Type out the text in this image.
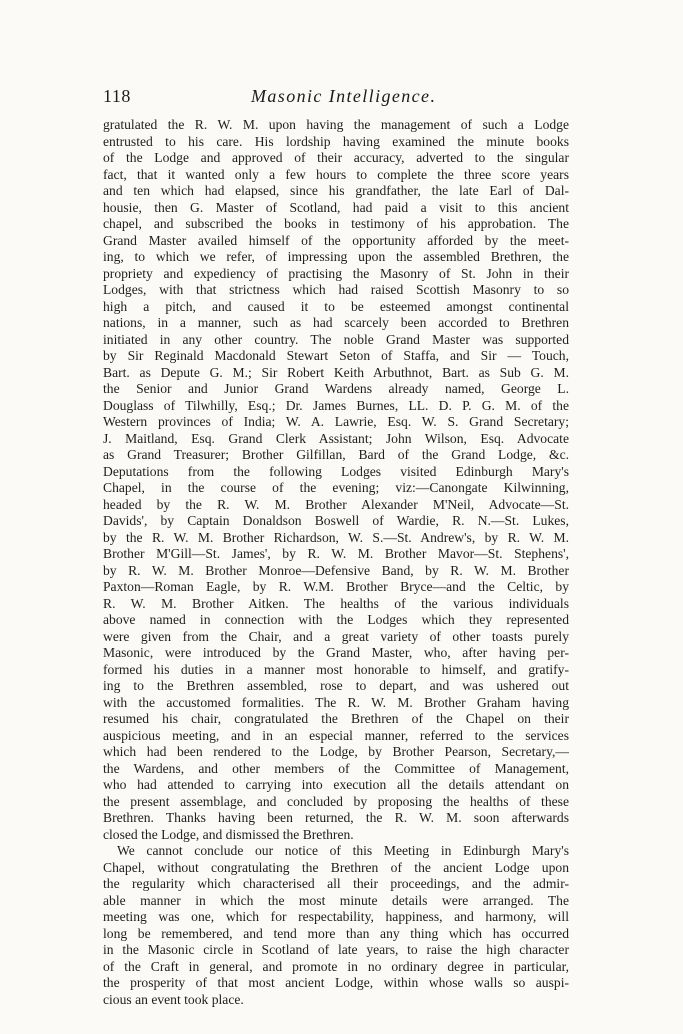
118	Masonic Intelligence.
gratulated the R. W. M. upon having the management of such a Lodge
entrusted to his care. His lordship having examined the minute books
of the Lodge and approved of their accuracy, adverted to the singular
fact, that it wanted only a few hours to complete the three score years
and ten which had elapsed, since his grandfather, the late Earl of Dal-
housie, then G. Master of Scotland, had paid a visit to this ancient
chapel, and subscribed the books in testimony of his approbation. The
Grand Master availed himself of the opportunity afforded by the meet-
ing, to which we refer, of impressing upon the assembled Brethren, the
propriety and expediency of practising the Masonry of St. John in their
Lodges, with that strictness which had raised Scottish Masonry to so
high a pitch, and caused it to be esteemed amongst continental
nations, in a manner, such as had scarcely been accorded to Brethren
initiated in any other country. The noble Grand Master was supported
by Sir Reginald Macdonald Stewart Seton of Staffa, and Sir — Touch,
Bart. as Depute G. M.; Sir Robert Keith Arbuthnot, Bart. as Sub G. M.
the Senior and Junior Grand Wardens already named, George L.
Douglass of Tilwhilly, Esq.; Dr. James Burnes, LL. D. P. G. M. of the
Western provinces of India; W. A. Lawrie, Esq. W. S. Grand Secretary;
J. Maitland, Esq. Grand Clerk Assistant; John Wilson, Esq. Advocate
as Grand Treasurer; Brother Gilfillan, Bard of the Grand Lodge, &c.
Deputations from the following Lodges visited Edinburgh Mary's
Chapel, in the course of the evening; viz:—Canongate Kilwinning,
headed by the R. W. M. Brother Alexander M'Neil, Advocate—St.
Davids', by Captain Donaldson Boswell of Wardie, R. N.—St. Lukes,
by the R. W. M. Brother Richardson, W. S.—St. Andrew's, by R. W. M.
Brother M'Gill—St. James', by R. W. M. Brother Mavor—St. Stephens',
by R. W. M. Brother Monroe—Defensive Band, by R. W. M. Brother
Paxton—Roman Eagle, by R. W.M. Brother Bryce—and the Celtic, by
R. W. M. Brother Aitken. The healths of the various individuals
above named in connection with the Lodges which they represented
were given from the Chair, and a great variety of other toasts purely
Masonic, were introduced by the Grand Master, who, after having per-
formed his duties in a manner most honorable to himself, and gratify-
ing to the Brethren assembled, rose to depart, and was ushered out
with the accustomed formalities. The R. W. M. Brother Graham having
resumed his chair, congratulated the Brethren of the Chapel on their
auspicious meeting, and in an especial manner, referred to the services
which had been rendered to the Lodge, by Brother Pearson, Secretary,—
the Wardens, and other members of the Committee of Management,
who had attended to carrying into execution all the details attendant on
the present assemblage, and concluded by proposing the healths of these
Brethren. Thanks having been returned, the R. W. M. soon afterwards
closed the Lodge, and dismissed the Brethren.
We cannot conclude our notice of this Meeting in Edinburgh Mary's
Chapel, without congratulating the Brethren of the ancient Lodge upon
the regularity which characterised all their proceedings, and the admir-
able manner in which the most minute details were arranged. The
meeting was one, which for respectability, happiness, and harmony, will
long be remembered, and tend more than any thing which has occurred
in the Masonic circle in Scotland of late years, to raise the high character
of the Craft in general, and promote in no ordinary degree in particular,
the prosperity of that most ancient Lodge, within whose walls so auspi-
cious an event took place.
